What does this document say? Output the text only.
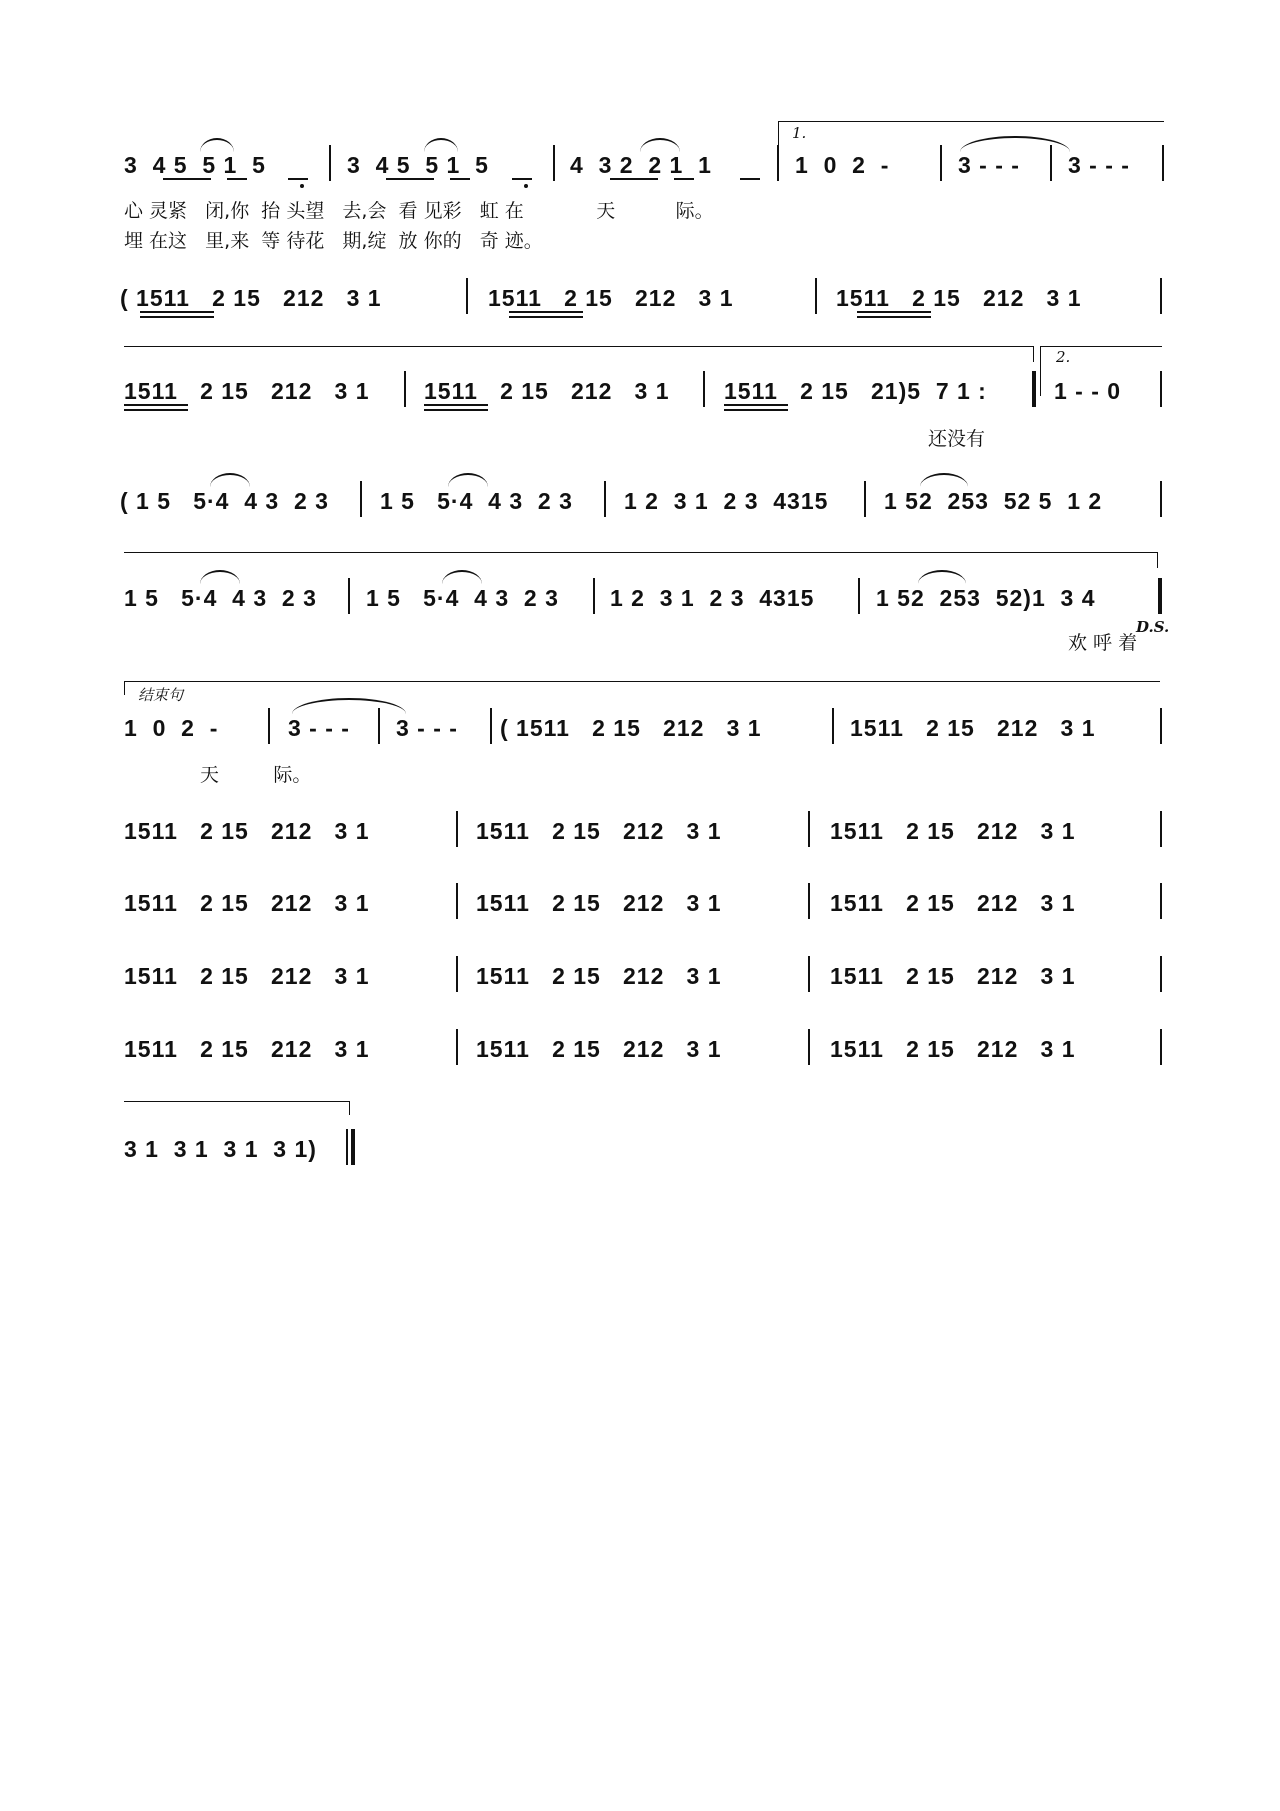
1.
3  4 5  5 1  5	3  4 5  5 1  5	4  3 2  2 1  1	1  0  2  -	3 - - - 3 - - -
心 灵紧   闭,你  抬 头望   去,会  看 见彩   虹 在            天          际。
埋 在这   里,来  等 待花   期,绽  放 你的   奇 迹。
( 1511   2 15   212   3 1	1511   2 15   212   3 1	1511   2 15   212   3 1
2.
1511   2 15   212   3 1 1511   2 15   212   3 1 1511   2 15   21)5  7 1 :	1 - - 0
还没有
( 1 5   5·4  4 3  2 3 1 5   5·4  4 3  2 3 1 2  3 1  2 3  4315 1 52  253  52 5  1 2
1 5   5·4  4 3  2 3 1 5   5·4  4 3  2 3 1 2  3 1  2 3  4315	1 52  253  52)1  3 4
欢 呼 着
D.S.
结束句
1  0  2  -	3 - - - 3 - - - ( 1511   2 15   212   3 1	1511   2 15   212   3 1
天         际。
1511   2 15   212   3 1	1511   2 15   212   3 1	1511   2 15   212   3 1
1511   2 15   212   3 1	1511   2 15   212   3 1	1511   2 15   212   3 1
1511   2 15   212   3 1	1511   2 15   212   3 1	1511   2 15   212   3 1
1511   2 15   212   3 1	1511   2 15   212   3 1	1511   2 15   212   3 1
3 1  3 1  3 1  3 1)
